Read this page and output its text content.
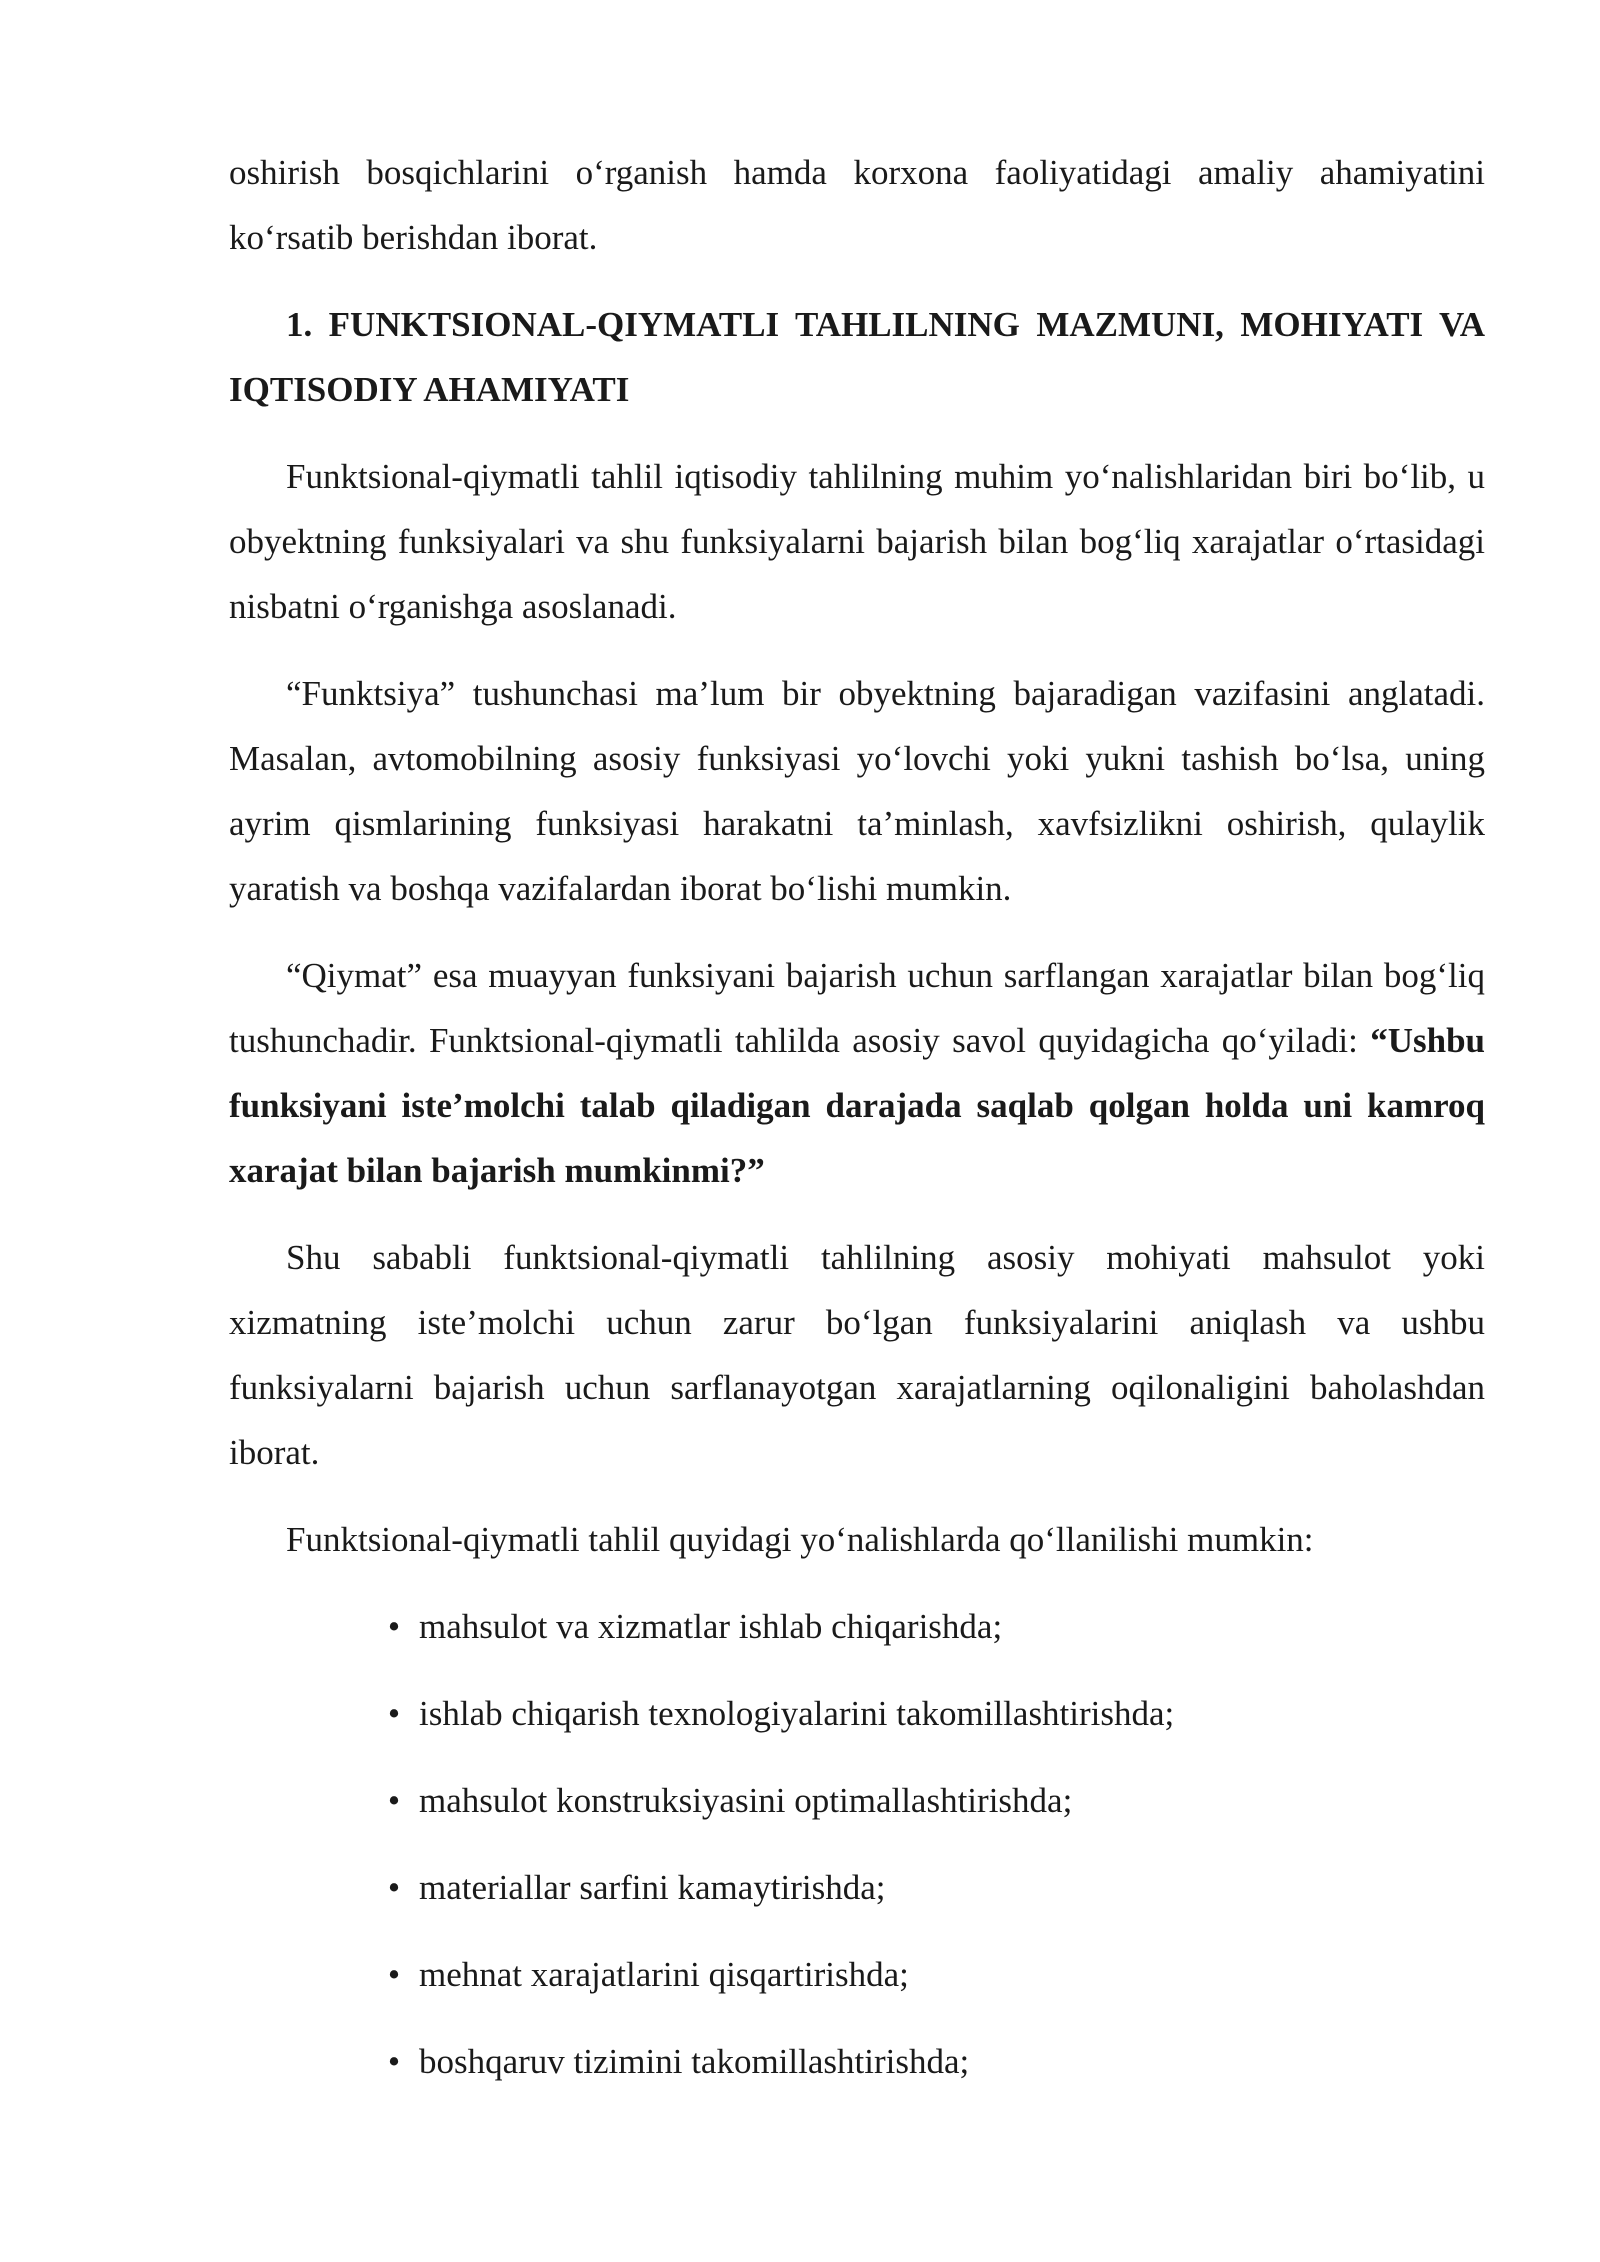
oshirish bosqichlarini o‘rganish hamda korxona faoliyatidagi amaliy ahamiyatini ko‘rsatib berishdan iborat.

1. FUNKTSIONAL-QIYMATLI TAHLILNING MAZMUNI, MOHIYATI VA IQTISODIY AHAMIYATI

Funktsional-qiymatli tahlil iqtisodiy tahlilning muhim yo‘nalishlaridan biri bo‘lib, u obyektning funksiyalari va shu funksiyalarni bajarish bilan bog‘liq xarajatlar o‘rtasidagi nisbatni o‘rganishga asoslanadi.

“Funktsiya” tushunchasi ma’lum bir obyektning bajaradigan vazifasini anglatadi. Masalan, avtomobilning asosiy funksiyasi yo‘lovchi yoki yukni tashish bo‘lsa, uning ayrim qismlarining funksiyasi harakatni ta’minlash, xavfsizlikni oshirish, qulaylik yaratish va boshqa vazifalardan iborat bo‘lishi mumkin.

“Qiymat” esa muayyan funksiyani bajarish uchun sarflangan xarajatlar bilan bog‘liq tushunchadir. Funktsional-qiymatli tahlilda asosiy savol quyidagicha qo‘yiladi: “Ushbu funksiyani iste’molchi talab qiladigan darajada saqlab qolgan holda uni kamroq xarajat bilan bajarish mumkinmi?”

Shu sababli funktsional-qiymatli tahlilning asosiy mohiyati mahsulot yoki xizmatning iste’molchi uchun zarur bo‘lgan funksiyalarini aniqlash va ushbu funksiyalarni bajarish uchun sarflanayotgan xarajatlarning oqilonaligini baholashdan iborat.

Funktsional-qiymatli tahlil quyidagi yo‘nalishlarda qo‘llanilishi mumkin:

• mahsulot va xizmatlar ishlab chiqarishda;
• ishlab chiqarish texnologiyalarini takomillashtirishda;
• mahsulot konstruksiyasini optimallashtirishda;
• materiallar sarfini kamaytirishda;
• mehnat xarajatlarini qisqartirishda;
• boshqaruv tizimini takomillashtirishda;
